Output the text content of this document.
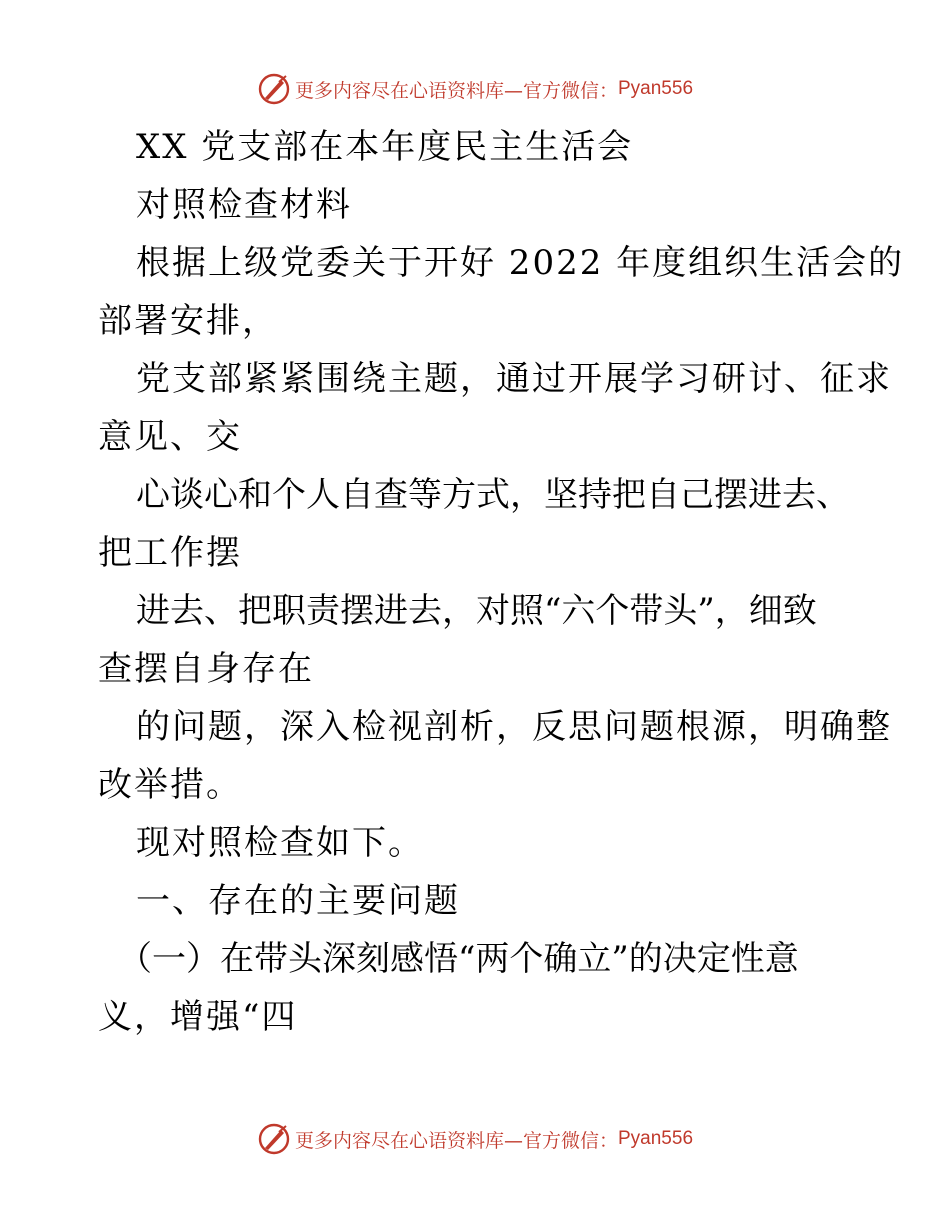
更多内容尽在心语资料库—官方微信： Pyan556
XX 党支部在本年度民主生活会
对照检查材料
根据上级党委关于开好 2022 年度组织生活会的
部署安排，
党支部紧紧围绕主题，通过开展学习研讨、征求
意见、交
心谈心和个人自查等方式，坚持把自己摆进去、
把工作摆
进去、把职责摆进去，对照“六个带头”，细致
查摆自身存在
的问题，深入检视剖析，反思问题根源，明确整
改举措。
现对照检查如下。
一、存在的主要问题
（一）在带头深刻感悟“两个确立”的决定性意
义，增强“四
更多内容尽在心语资料库—官方微信： Pyan556
